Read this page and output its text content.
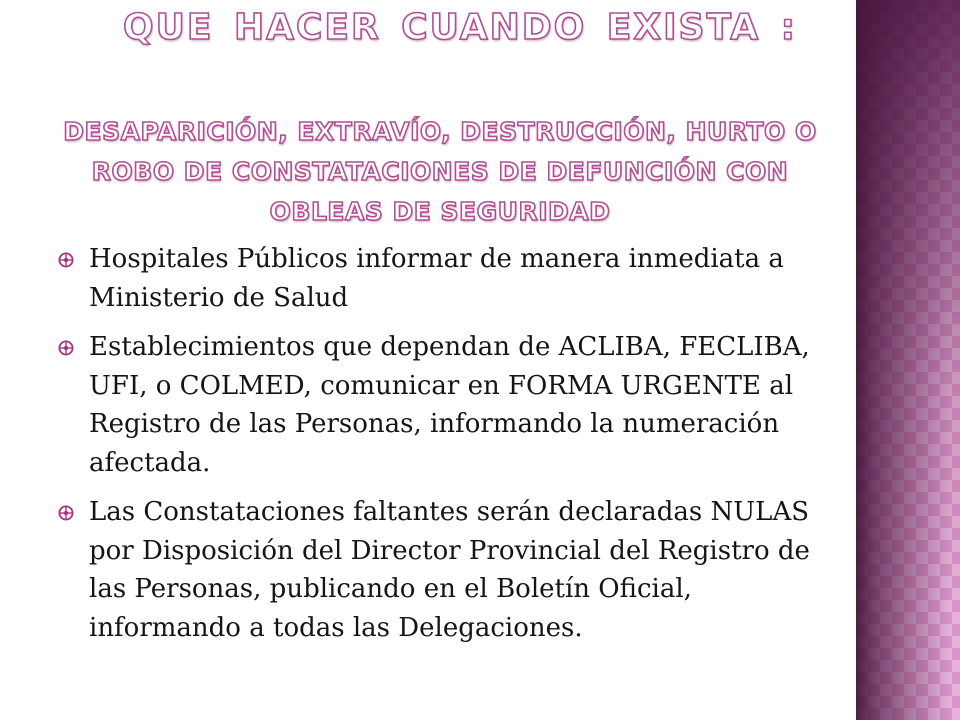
QUE HACER CUANDO EXISTA :
DESAPARICIÓN, EXTRAVÍO, DESTRUCCIÓN, HURTO O ROBO DE CONSTATACIONES DE DEFUNCIÓN CON OBLEAS DE SEGURIDAD
Hospitales Públicos informar de manera inmediata a Ministerio de Salud
Establecimientos que dependan de ACLIBA, FECLIBA, UFI, o COLMED, comunicar en FORMA URGENTE al Registro de las Personas, informando la numeración afectada.
Las Constataciones faltantes serán declaradas NULAS por Disposición del Director Provincial del Registro de las Personas, publicando en el Boletín Oficial, informando a todas las Delegaciones.
